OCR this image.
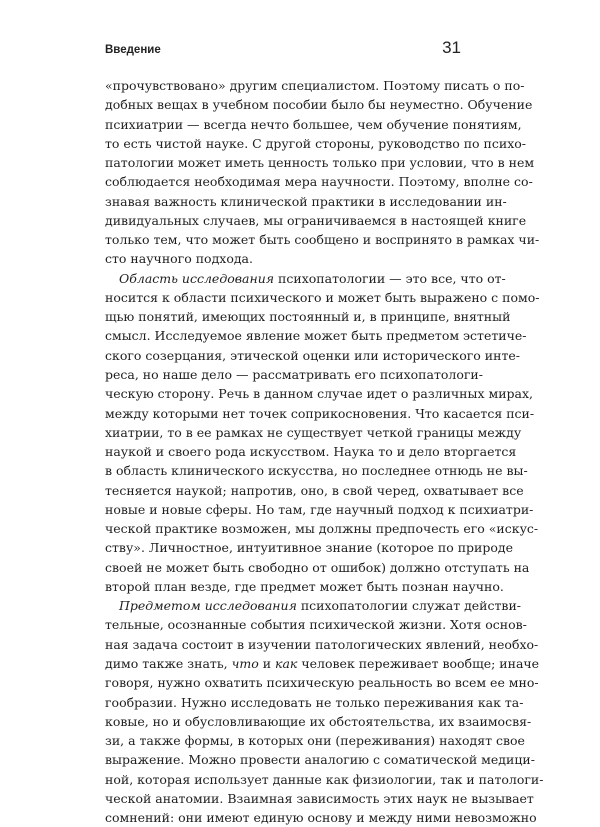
Введение	31
«прочувствовано» другим специалистом. Поэтому писать о по-
добных вещах в учебном пособии было бы неуместно. Обучение
психиатрии — всегда нечто большее, чем обучение понятиям,
то есть чистой науке. С другой стороны, руководство по психо-
патологии может иметь ценность только при условии, что в нем
соблюдается необходимая мера научности. Поэтому, вполне со-
знавая важность клинической практики в исследовании ин-
дивидуальных случаев, мы ограничиваемся в настоящей книге
только тем, что может быть сообщено и воспринято в рамках чи-
сто научного подхода.
Область исследования психопатологии — это все, что от-
носится к области психического и может быть выражено с помо-
щью понятий, имеющих постоянный и, в принципе, внятный
смысл. Исследуемое явление может быть предметом эстетиче-
ского созерцания, этической оценки или исторического инте-
реса, но наше дело — рассматривать его психопатологи-
ческую сторону. Речь в данном случае идет о различных мирах,
между которыми нет точек соприкосновения. Что касается пси-
хиатрии, то в ее рамках не существует четкой границы между
наукой и своего рода искусством. Наука то и дело вторгается
в область клинического искусства, но последнее отнюдь не вы-
тесняется наукой; напротив, оно, в свой черед, охватывает все
новые и новые сферы. Но там, где научный подход к психиатри-
ческой практике возможен, мы должны предпочесть его «искус-
ству». Личностное, интуитивное знание (которое по природе
своей не может быть свободно от ошибок) должно отступать на
второй план везде, где предмет может быть познан научно.
Предметом исследования психопатологии служат действи-
тельные, осознанные события психической жизни. Хотя основ-
ная задача состоит в изучении патологических явлений, необхо-
димо также знать, что и как человек переживает вообще; иначе
говоря, нужно охватить психическую реальность во всем ее мно-
гообразии. Нужно исследовать не только переживания как та-
ковые, но и обусловливающие их обстоятельства, их взаимосвя-
зи, а также формы, в которых они (переживания) находят свое
выражение. Можно провести аналогию с соматической медици-
ной, которая использует данные как физиологии, так и патологи-
ческой анатомии. Взаимная зависимость этих наук не вызывает
сомнений: они имеют единую основу и между ними невозможно
